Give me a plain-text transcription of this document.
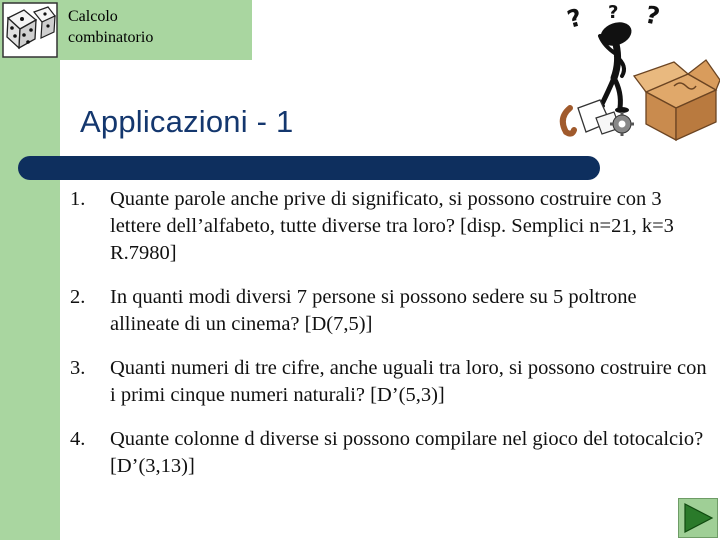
Calcolo
combinatorio
? ? ?
Applicazioni - 1
1. Quante parole anche prive di significato, si possono costruire con 3 lettere dell’alfabeto, tutte diverse tra loro? [disp. Semplici n=21, k=3 R.7980]
2. In quanti modi diversi 7 persone si possono sedere su 5 poltrone allineate di un cinema? [D(7,5)]
3. Quanti numeri di tre cifre, anche uguali tra loro, si possono costruire con i primi cinque numeri naturali? [D’(5,3)]
4. Quante colonne d diverse si possono compilare nel gioco del totocalcio? [D’(3,13)]
